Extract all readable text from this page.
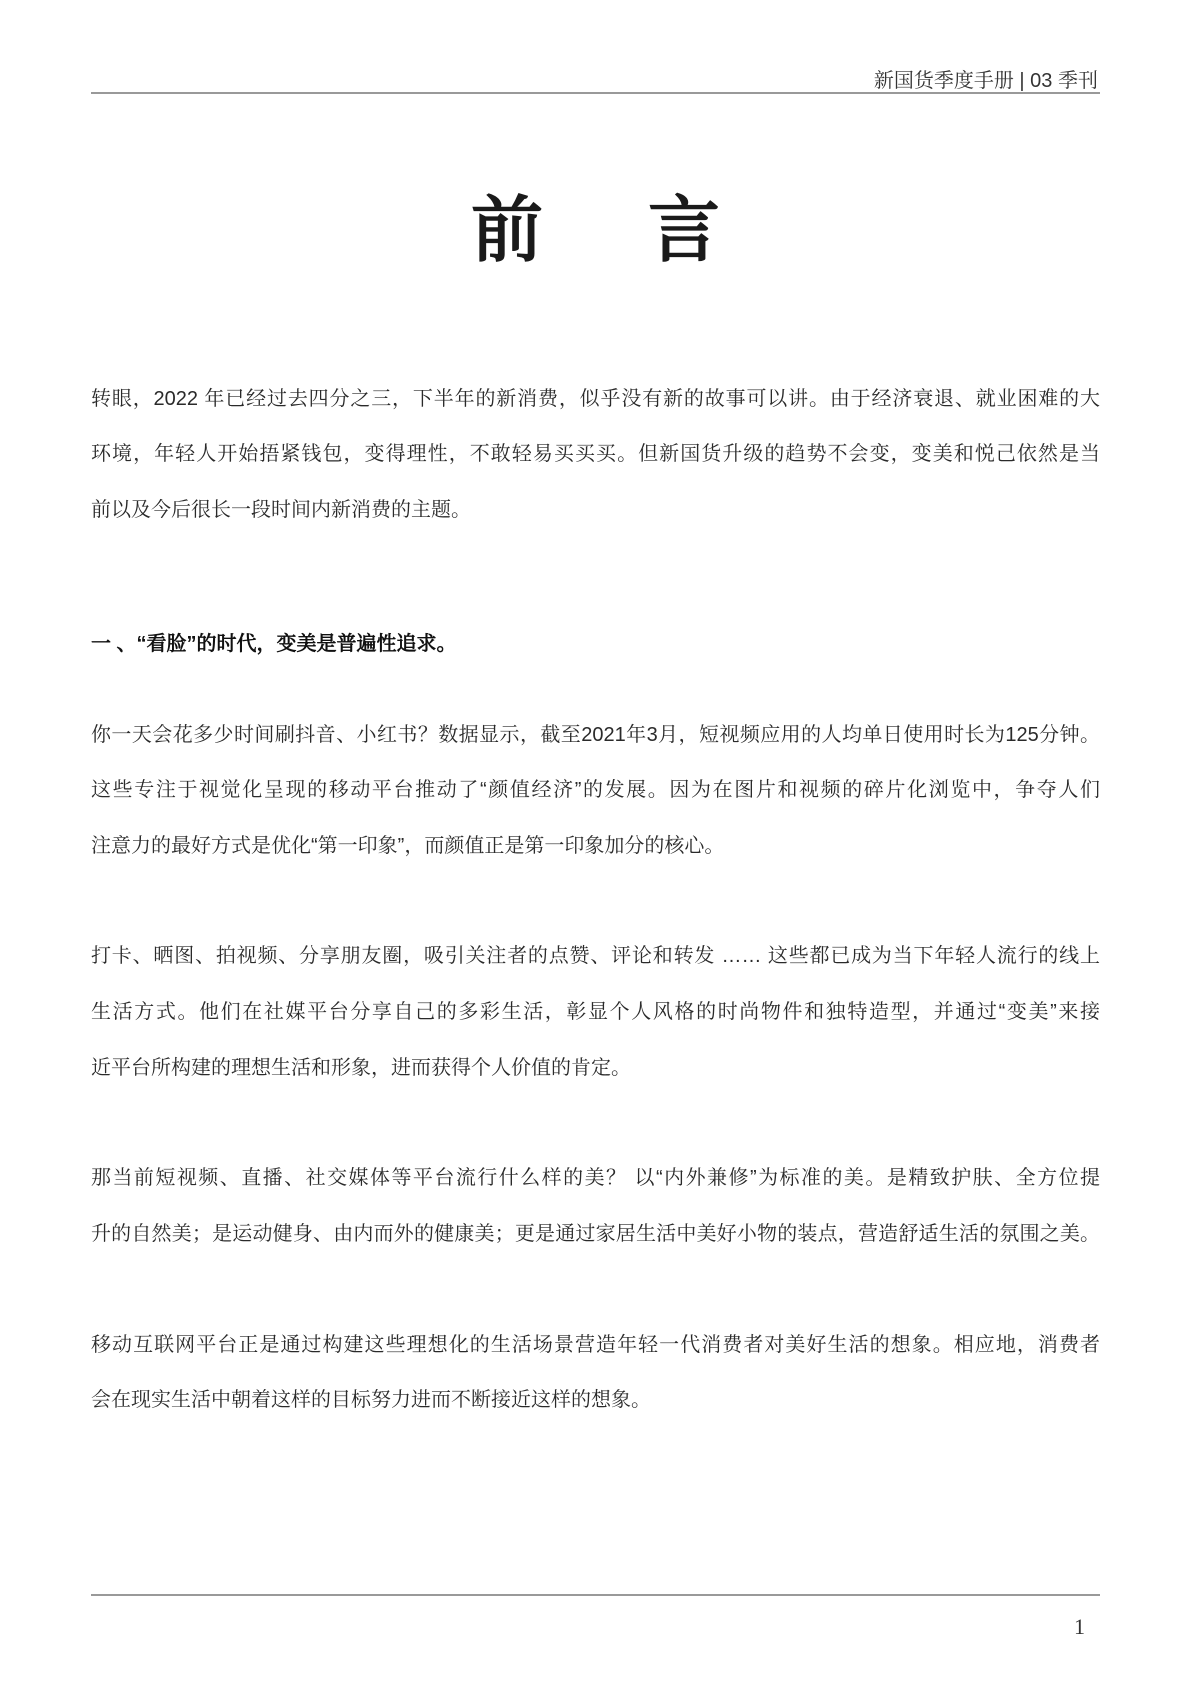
新国货季度手册 | 03 季刊
前 言
转眼，2022 年已经过去四分之三，下半年的新消费，似乎没有新的故事可以讲。由于经济衰退、就业困难的大
环境，年轻人开始捂紧钱包，变得理性，不敢轻易买买买。但新国货升级的趋势不会变，变美和悦己依然是当
前以及今后很长一段时间内新消费的主题。
一 、“看脸”的时代，变美是普遍性追求。
你一天会花多少时间刷抖音、小红书？数据显示，截至2021年3月，短视频应用的人均单日使用时长为125分钟。
这些专注于视觉化呈现的移动平台推动了“颜值经济”的发展。因为在图片和视频的碎片化浏览中，争夺人们
注意力的最好方式是优化“第一印象”，而颜值正是第一印象加分的核心。
打卡、晒图、拍视频、分享朋友圈，吸引关注者的点赞、评论和转发 …… 这些都已成为当下年轻人流行的线上
生活方式。他们在社媒平台分享自己的多彩生活，彰显个人风格的时尚物件和独特造型，并通过“变美”来接
近平台所构建的理想生活和形象，进而获得个人价值的肯定。
那当前短视频、直播、社交媒体等平台流行什么样的美？ 以“内外兼修”为标准的美。是精致护肤、全方位提
升的自然美；是运动健身、由内而外的健康美；更是通过家居生活中美好小物的装点，营造舒适生活的氛围之美。
移动互联网平台正是通过构建这些理想化的生活场景营造年轻一代消费者对美好生活的想象。相应地，消费者
会在现实生活中朝着这样的目标努力进而不断接近这样的想象。
1
